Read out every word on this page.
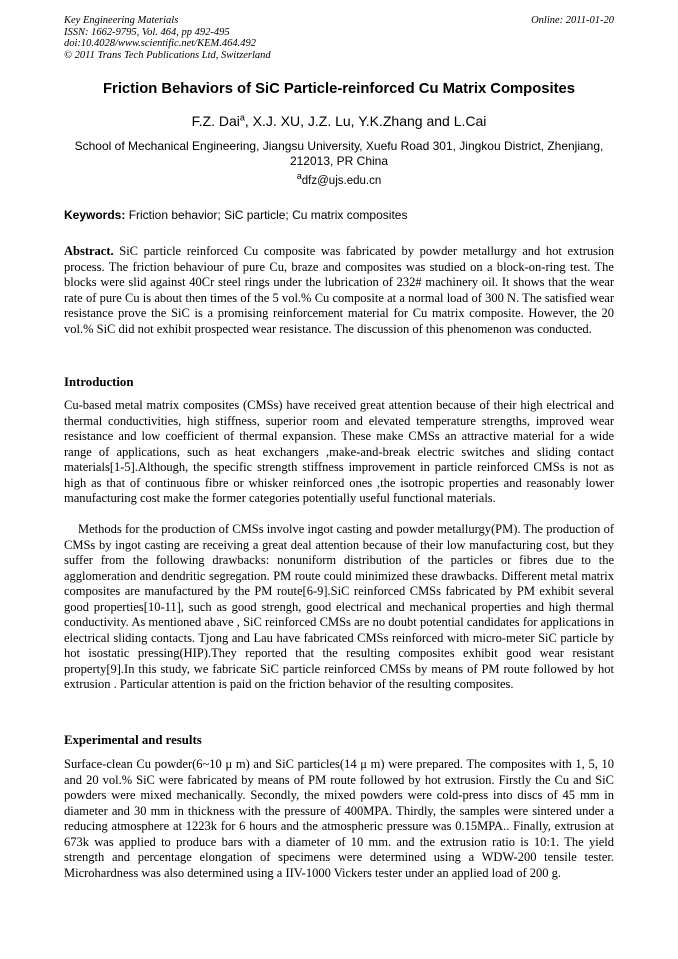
Key Engineering Materials
ISSN: 1662-9795, Vol. 464, pp 492-495
doi:10.4028/www.scientific.net/KEM.464.492
© 2011 Trans Tech Publications Ltd, Switzerland
Online: 2011-01-20
Friction Behaviors of SiC Particle-reinforced Cu Matrix Composites
F.Z. Dai$^a$, X.J. XU, J.Z. Lu, Y.K.Zhang and L.Cai
School of Mechanical Engineering, Jiangsu University, Xuefu Road 301, Jingkou District, Zhenjiang, 212013, PR China
$^a$dfz@ujs.edu.cn
Keywords: Friction behavior; SiC particle; Cu matrix composites

Abstract. SiC particle reinforced Cu composite was fabricated by powder metallurgy and hot extrusion process. The friction behaviour of pure Cu, braze and composites was studied on a block-on-ring test. The blocks were slid against 40Cr steel rings under the lubrication of 232# machinery oil. It shows that the wear rate of pure Cu is about then times of the 5 vol.% Cu composite at a normal load of 300 N. The satisfied wear resistance prove the SiC is a promising reinforcement material for Cu matrix composite. However, the 20 vol.% SiC did not exhibit prospected wear resistance. The discussion of this phenomenon was conducted.

Introduction

Cu-based metal matrix composites (CMSs) have received great attention because of their high electrical and thermal conductivities, high stiffness, superior room and elevated temperature strengths, improved wear resistance and low coefficient of thermal expansion. These make CMSs an attractive material for a wide range of applications, such as heat exchangers ,make-and-break electric switches and sliding contact materials[1-5].Although, the specific strength stiffness improvement in particle reinforced CMSs is not as high as that of continuous fibre or whisker reinforced ones ,the isotropic properties and reasonably lower manufacturing cost make the former categories potentially useful functional materials.

Methods for the production of CMSs involve ingot casting and powder metallurgy(PM). The production of CMSs by ingot casting are receiving a great deal attention because of their low manufacturing cost, but they suffer from the following drawbacks: nonuniform distribution of the particles or fibres due to the agglomeration and dendritic segregation. PM route could minimized these drawbacks. Different metal matrix composites are manufactured by the PM route[6-9].SiC reinforced CMSs fabricated by PM exhibit several good properties[10-11], such as good strengh, good electrical and mechanical properties and high thermal conductivity. As mentioned abave , SiC reinforced CMSs are no doubt potential candidates for applications in electrical sliding contacts. Tjong and Lau have fabricated CMSs reinforced with micro-meter SiC particle by hot isostatic pressing(HIP).They reported that the resulting composites exhibit good wear resistant property[9].In this study, we fabricate SiC particle reinforced CMSs by means of PM route followed by hot extrusion . Particular attention is paid on the friction behavior of the resulting composites.

Experimental and results

Surface-clean Cu powder(6~10 μ m) and SiC particles(14 μ m) were prepared. The composites with 1, 5, 10 and 20 vol.% SiC were fabricated by means of PM route followed by hot extrusion. Firstly the Cu and SiC powders were mixed mechanically. Secondly, the mixed powders were cold-press into discs of 45 mm in diameter and 30 mm in thickness with the pressure of 400MPA. Thirdly, the samples were sintered under a reducing atmosphere at 1223k for 6 hours and the atmospheric pressure was 0.15MPA.. Finally, extrusion at 673k was applied to produce bars with a diameter of 10 mm. and the extrusion ratio is 10:1. The yield strength and percentage elongation of specimens were determined using a WDW-200 tensile tester. Microhardness was also determined using a IIV-1000 Vickers tester under an applied load of 200 g.
